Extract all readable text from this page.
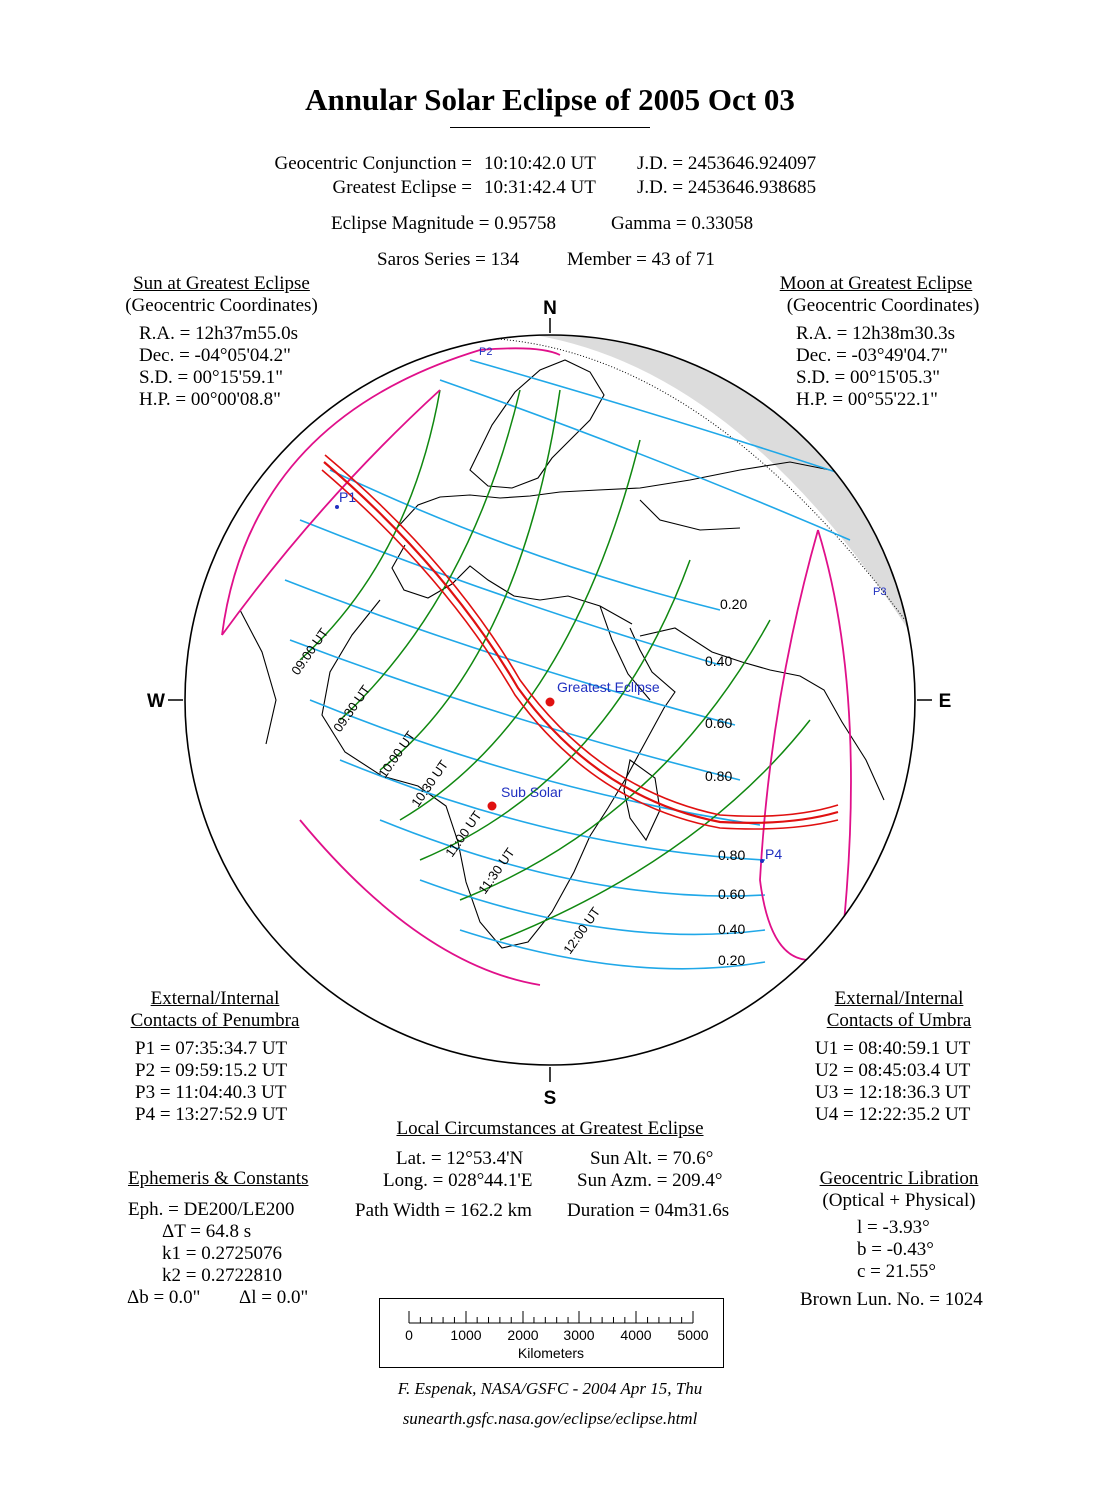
Annular Solar Eclipse of 2005 Oct 03
Geocentric Conjunction = 10:10:42.0 UT J.D. = 2453646.924097
Greatest Eclipse = 10:31:42.4 UT J.D. = 2453646.938685
Eclipse Magnitude = 0.95758	Gamma = 0.33058
Saros Series = 134	Member = 43 of 71
Sun at Greatest Eclipse
(Geocentric Coordinates)
R.A. = 12h37m55.0s
Dec. = -04°05'04.2"
S.D. = 00°15'59.1"
H.P. = 00°00'08.8"
Moon at Greatest Eclipse
(Geocentric Coordinates)
R.A. = 12h38m30.3s
Dec. = -03°49'04.7"
S.D. = 00°15'05.3"
H.P. = 00°55'22.1"
N
S
W	E
Greatest Eclipse
Sub Solar
P1
P2
P3
P4
0.20
0.40
0.60
0.80
0.80
0.60
0.40
0.20
09:00 UT
09:30 UT
10:00 UT
10:30 UT
11:00 UT
11:30 UT
12:00 UT
External/Internal
Contacts of Penumbra
P1 = 07:35:34.7 UT
P2 = 09:59:15.2 UT
P3 = 11:04:40.3 UT
P4 = 13:27:52.9 UT
External/Internal
Contacts of Umbra
U1 = 08:40:59.1 UT
U2 = 08:45:03.4 UT
U3 = 12:18:36.3 UT
U4 = 12:22:35.2 UT
Local Circumstances at Greatest Eclipse
Lat. = 12°53.4'N
Long. = 028°44.1'E
Sun Alt. = 70.6°
Sun Azm. = 209.4°
Path Width = 162.2 km Duration = 04m31.6s
Ephemeris & Constants
Eph. = DE200/LE200
ΔT = 64.8 s
k1 = 0.2725076
k2 = 0.2722810
Δb = 0.0" Δl = 0.0"
Geocentric Libration
(Optical + Physical)
l = -3.93°
b = -0.43°
c = 21.55°
Brown Lun. No. = 1024
0	1000 2000 3000 4000 5000
Kilometers
F. Espenak, NASA/GSFC - 2004 Apr 15, Thu
sunearth.gsfc.nasa.gov/eclipse/eclipse.html
